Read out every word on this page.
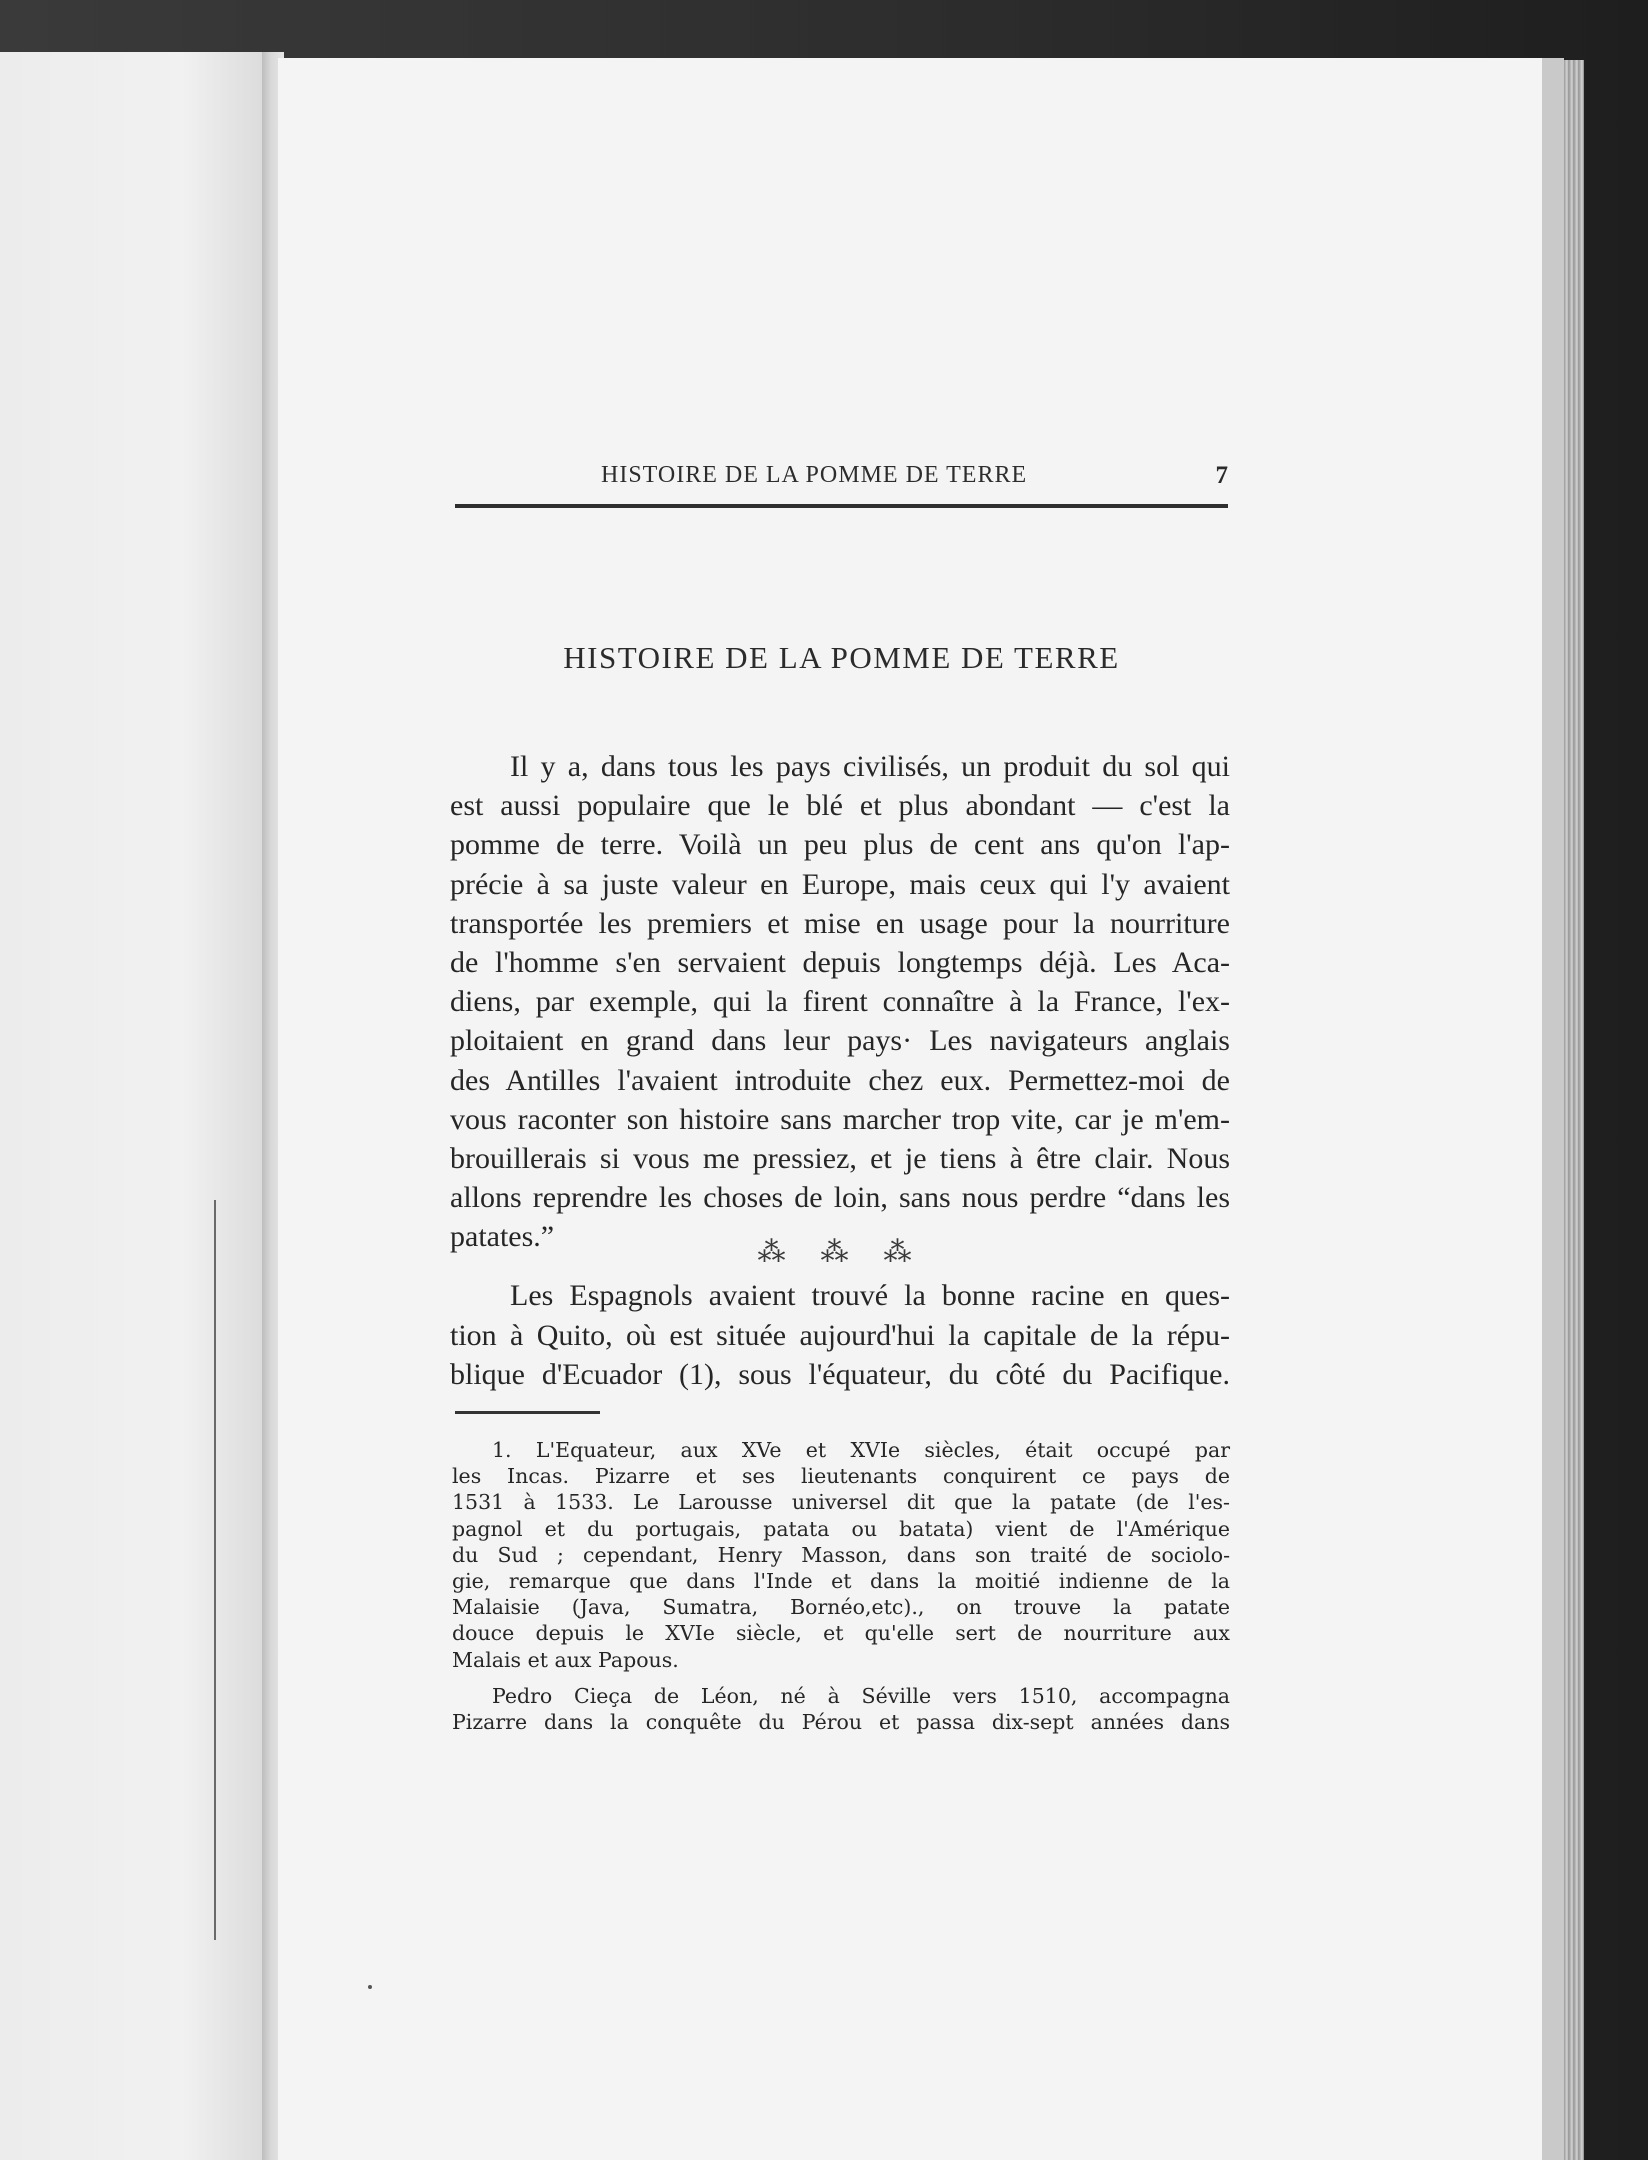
HISTOIRE DE LA POMME DE TERRE	7
HISTOIRE DE LA POMME DE TERRE
Il y a, dans tous les pays civilisés, un produit du sol qui
est aussi populaire que le blé et plus abondant — c'est la
pomme de terre. Voilà un peu plus de cent ans qu'on l'ap-
précie à sa juste valeur en Europe, mais ceux qui l'y avaient
transportée les premiers et mise en usage pour la nourriture
de l'homme s'en servaient depuis longtemps déjà. Les Aca-
diens, par exemple, qui la firent connaître à la France, l'ex-
ploitaient en grand dans leur pays· Les navigateurs anglais
des Antilles l'avaient introduite chez eux. Permettez-moi de
vous raconter son histoire sans marcher trop vite, car je m'em-
brouillerais si vous me pressiez, et je tiens à être clair. Nous
allons reprendre les choses de loin, sans nous perdre “dans les
patates.”	⁂ ⁂ ⁂
Les Espagnols avaient trouvé la bonne racine en ques-
tion à Quito, où est située aujourd'hui la capitale de la répu-
blique d'Ecuador (1), sous l'équateur, du côté du Pacifique.
1. L'Equateur, aux XVe et XVIe siècles, était occupé par
les Incas. Pizarre et ses lieutenants conquirent ce pays de
1531 à 1533. Le Larousse universel dit que la patate (de l'es-
pagnol et du portugais, patata ou batata) vient de l'Amérique
du Sud ; cependant, Henry Masson, dans son traité de sociolo-
gie, remarque que dans l'Inde et dans la moitié indienne de la
Malaisie (Java, Sumatra, Bornéo,etc)., on trouve la patate
douce depuis le XVIe siècle, et qu'elle sert de nourriture aux
Malais et aux Papous.
Pedro Cieça de Léon, né à Séville vers 1510, accompagna
Pizarre dans la conquête du Pérou et passa dix-sept années dans
